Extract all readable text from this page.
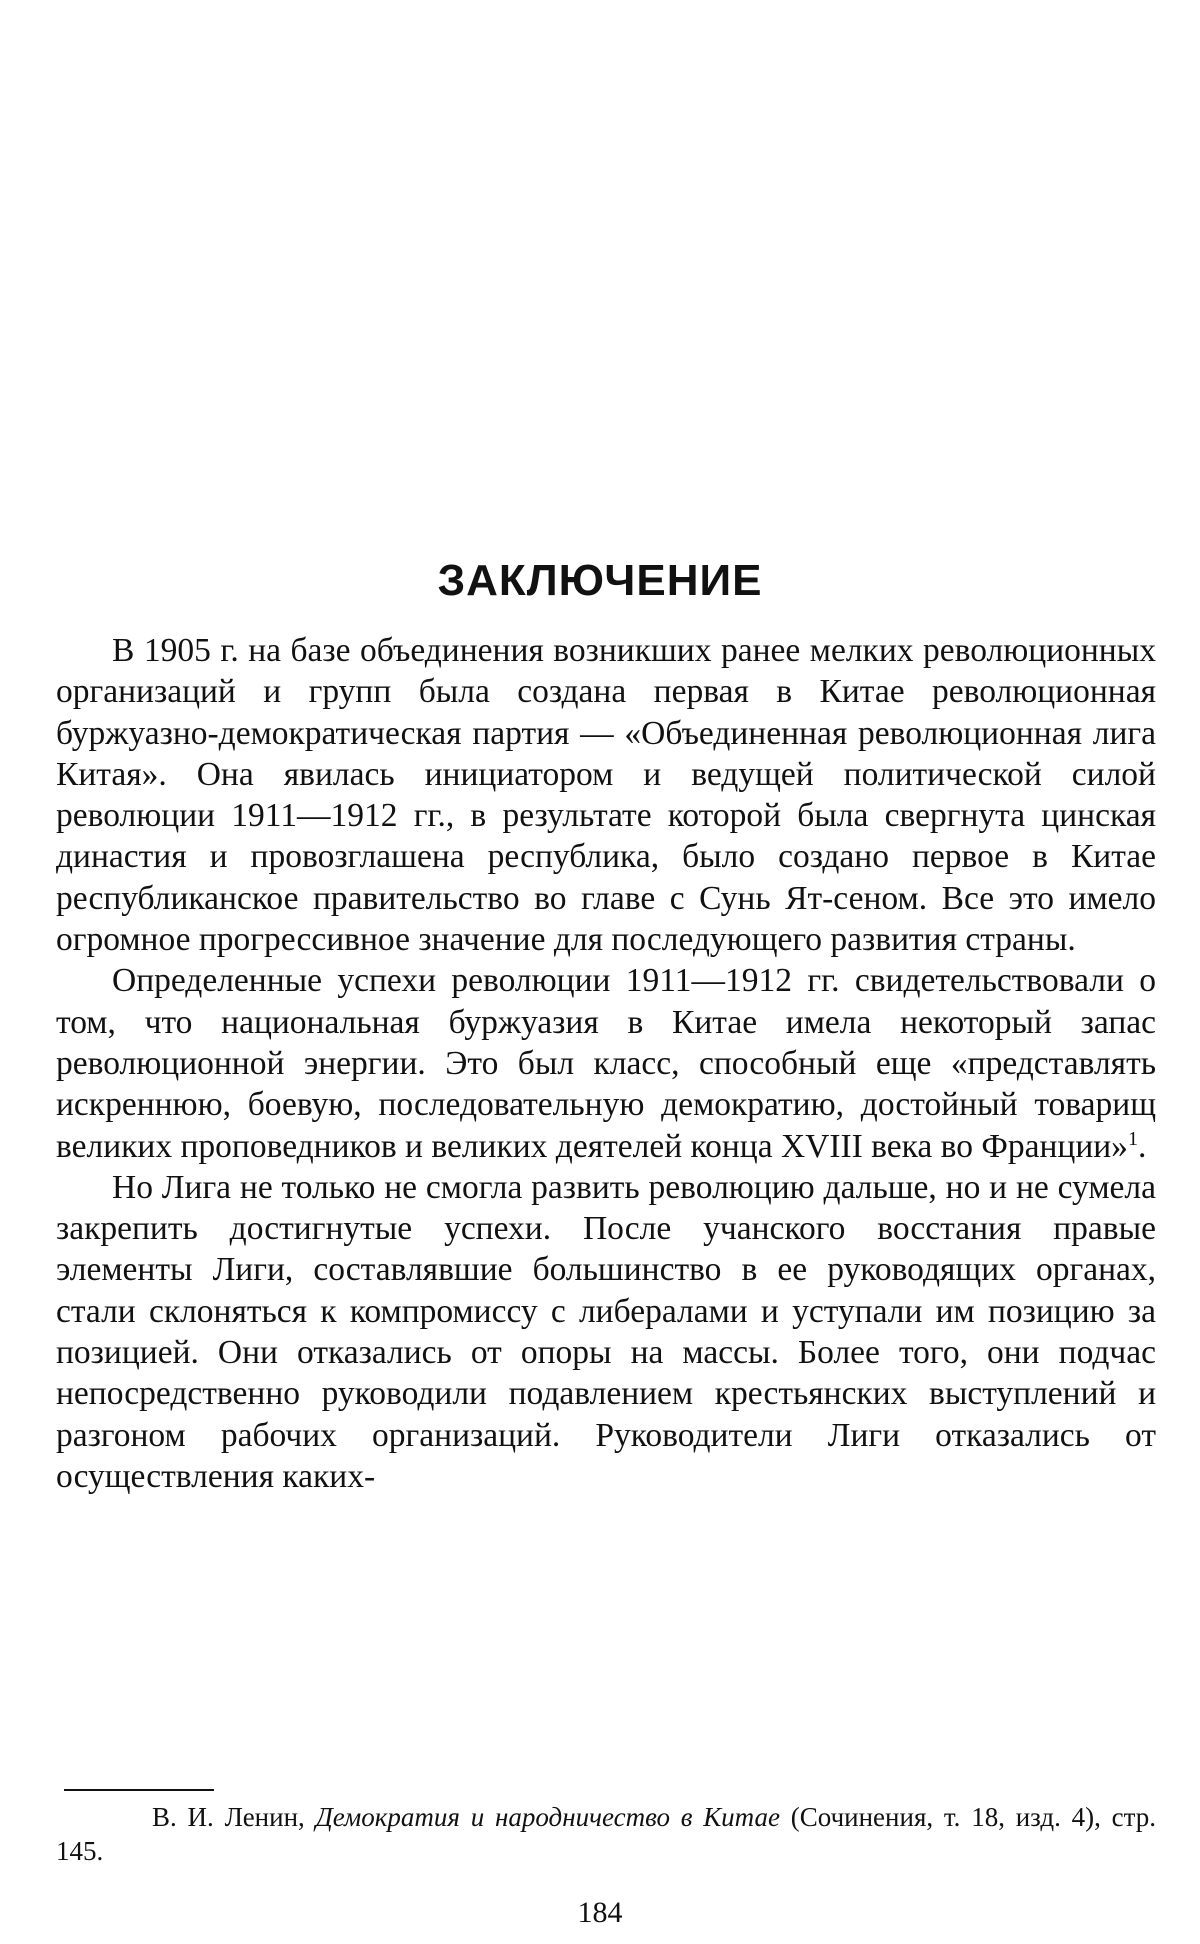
ЗАКЛЮЧЕНИЕ

В 1905 г. на базе объединения возникших ранее мелких революционных организаций и групп была создана первая в Китае революционная буржуазно-демократическая партия — «Объединенная революционная лига Китая». Она явилась инициатором и ведущей политической силой революции 1911—1912 гг., в результате которой была свергнута цинская династия и провозглашена республика, было создано первое в Китае республиканское правительство во главе с Сунь Ят-сеном. Все это имело огромное прогрессивное значение для последующего развития страны.

Определенные успехи революции 1911—1912 гг. свидетельствовали о том, что национальная буржуазия в Китае имела некоторый запас революционной энергии. Это был класс, способный еще «представлять искреннюю, боевую, последовательную демократию, достойный товарищ великих проповедников и великих деятелей конца XVIII века во Франции»$^1$.

Но Лига не только не смогла развить революцию дальше, но и не сумела закрепить достигнутые успехи. После учанского восстания правые элементы Лиги, составлявшие большинство в ее руководящих органах, стали склоняться к компромиссу с либералами и уступали им позицию за позицией. Они отказались от опоры на массы. Более того, они подчас непосредственно руководили подавлением крестьянских выступлений и разгоном рабочих организаций. Руководители Лиги отказались от осуществления каких-

В. И. Ленин, Демократия и народничество в Китае (Сочинения, т. 18, изд. 4), стр. 145.
184
